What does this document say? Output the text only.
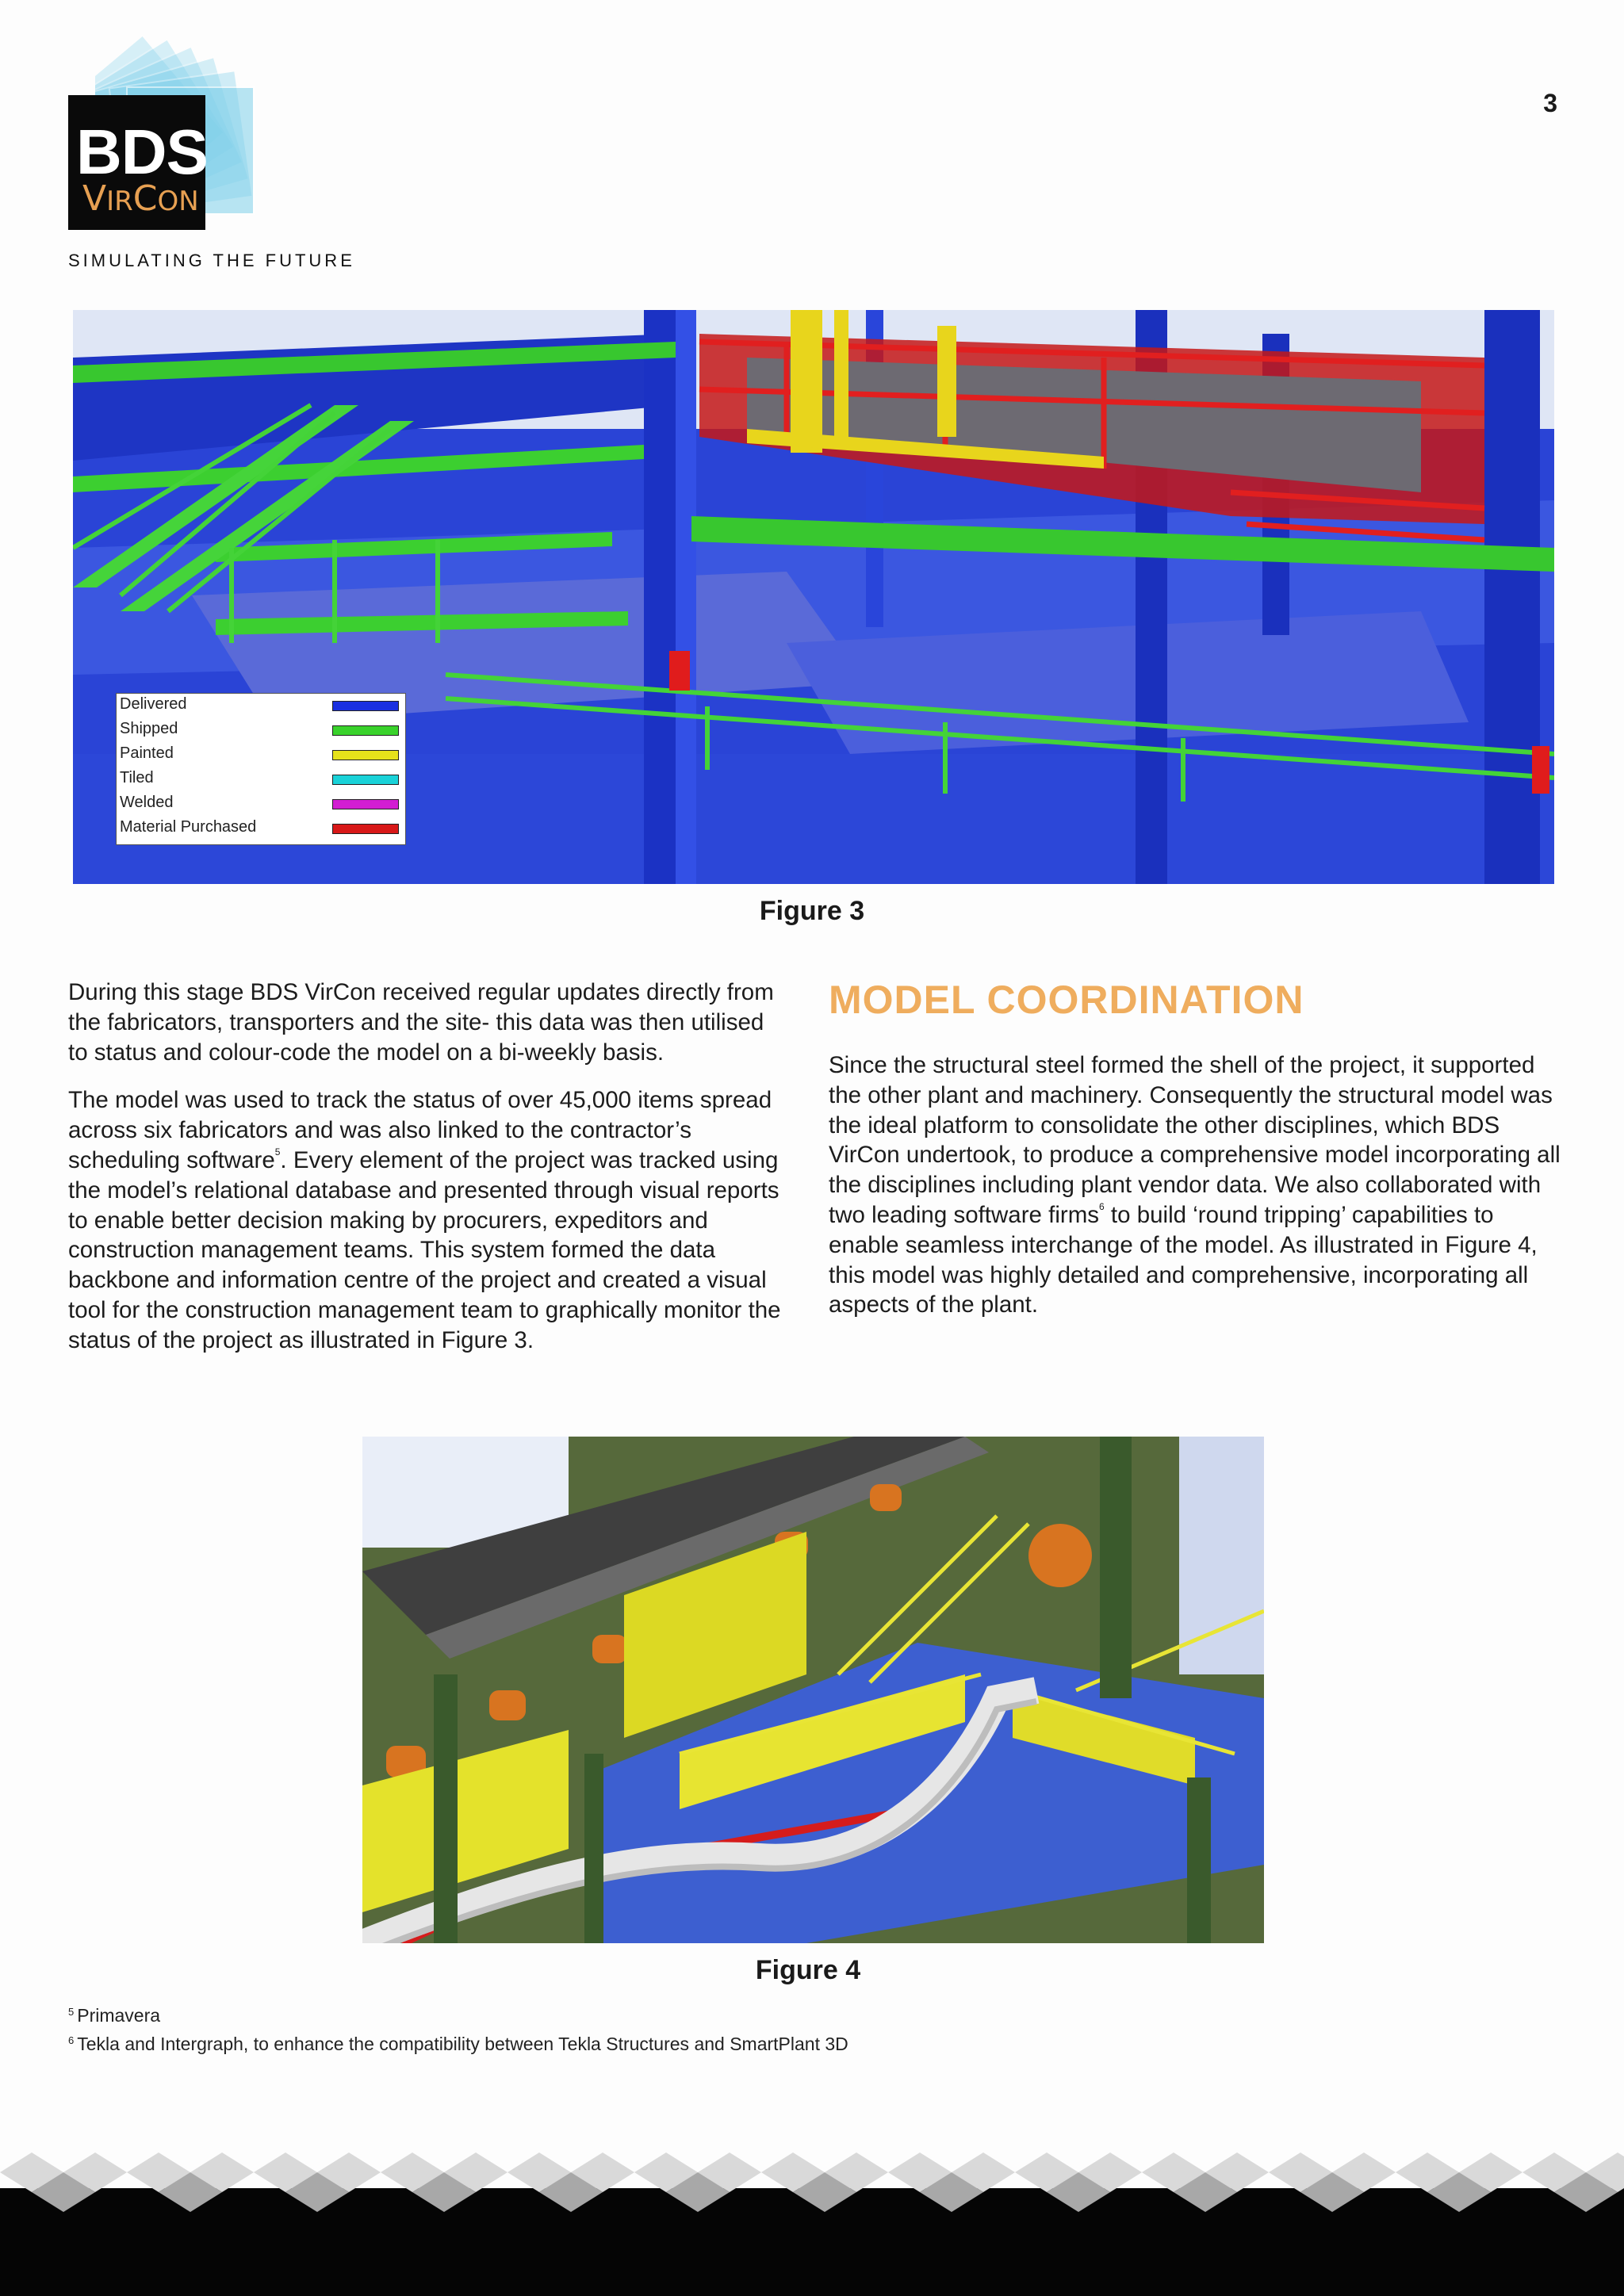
BDS
VIRCON
SIMULATING THE FUTURE
3
Delivered
Shipped
Painted
Tiled
Welded
Material Purchased
Figure 3

During this stage BDS VirCon received regular updates directly from the fabricators, transporters and the site- this data was then utilised to status and colour-code the model on a bi-weekly basis.

The model was used to track the status of over 45,000 items spread across six fabricators and was also linked to the contractor’s scheduling software$^5$. Every element of the project was tracked using the model’s relational database and presented through visual reports to enable better decision making by procurers, expeditors and construction management teams. This system formed the data backbone and information centre of the project and created a visual tool for the construction management team to graphically monitor the status of the project as illustrated in Figure 3.

MODEL COORDINATION

Since the structural steel formed the shell of the project, it supported the other plant and machinery. Consequently the structural model was the ideal platform to consolidate the other disciplines, which BDS VirCon undertook, to produce a comprehensive model incorporating all the disciplines including plant vendor data. We also collaborated with two leading software firms$^6$ to build ‘round tripping’ capabilities to enable seamless interchange of the model. As illustrated in Figure 4, this model was highly detailed and comprehensive, incorporating all aspects of the plant.

Figure 4
$^5$ Primavera
$^6$ Tekla and Intergraph, to enhance the compatibility between Tekla Structures and SmartPlant 3D
